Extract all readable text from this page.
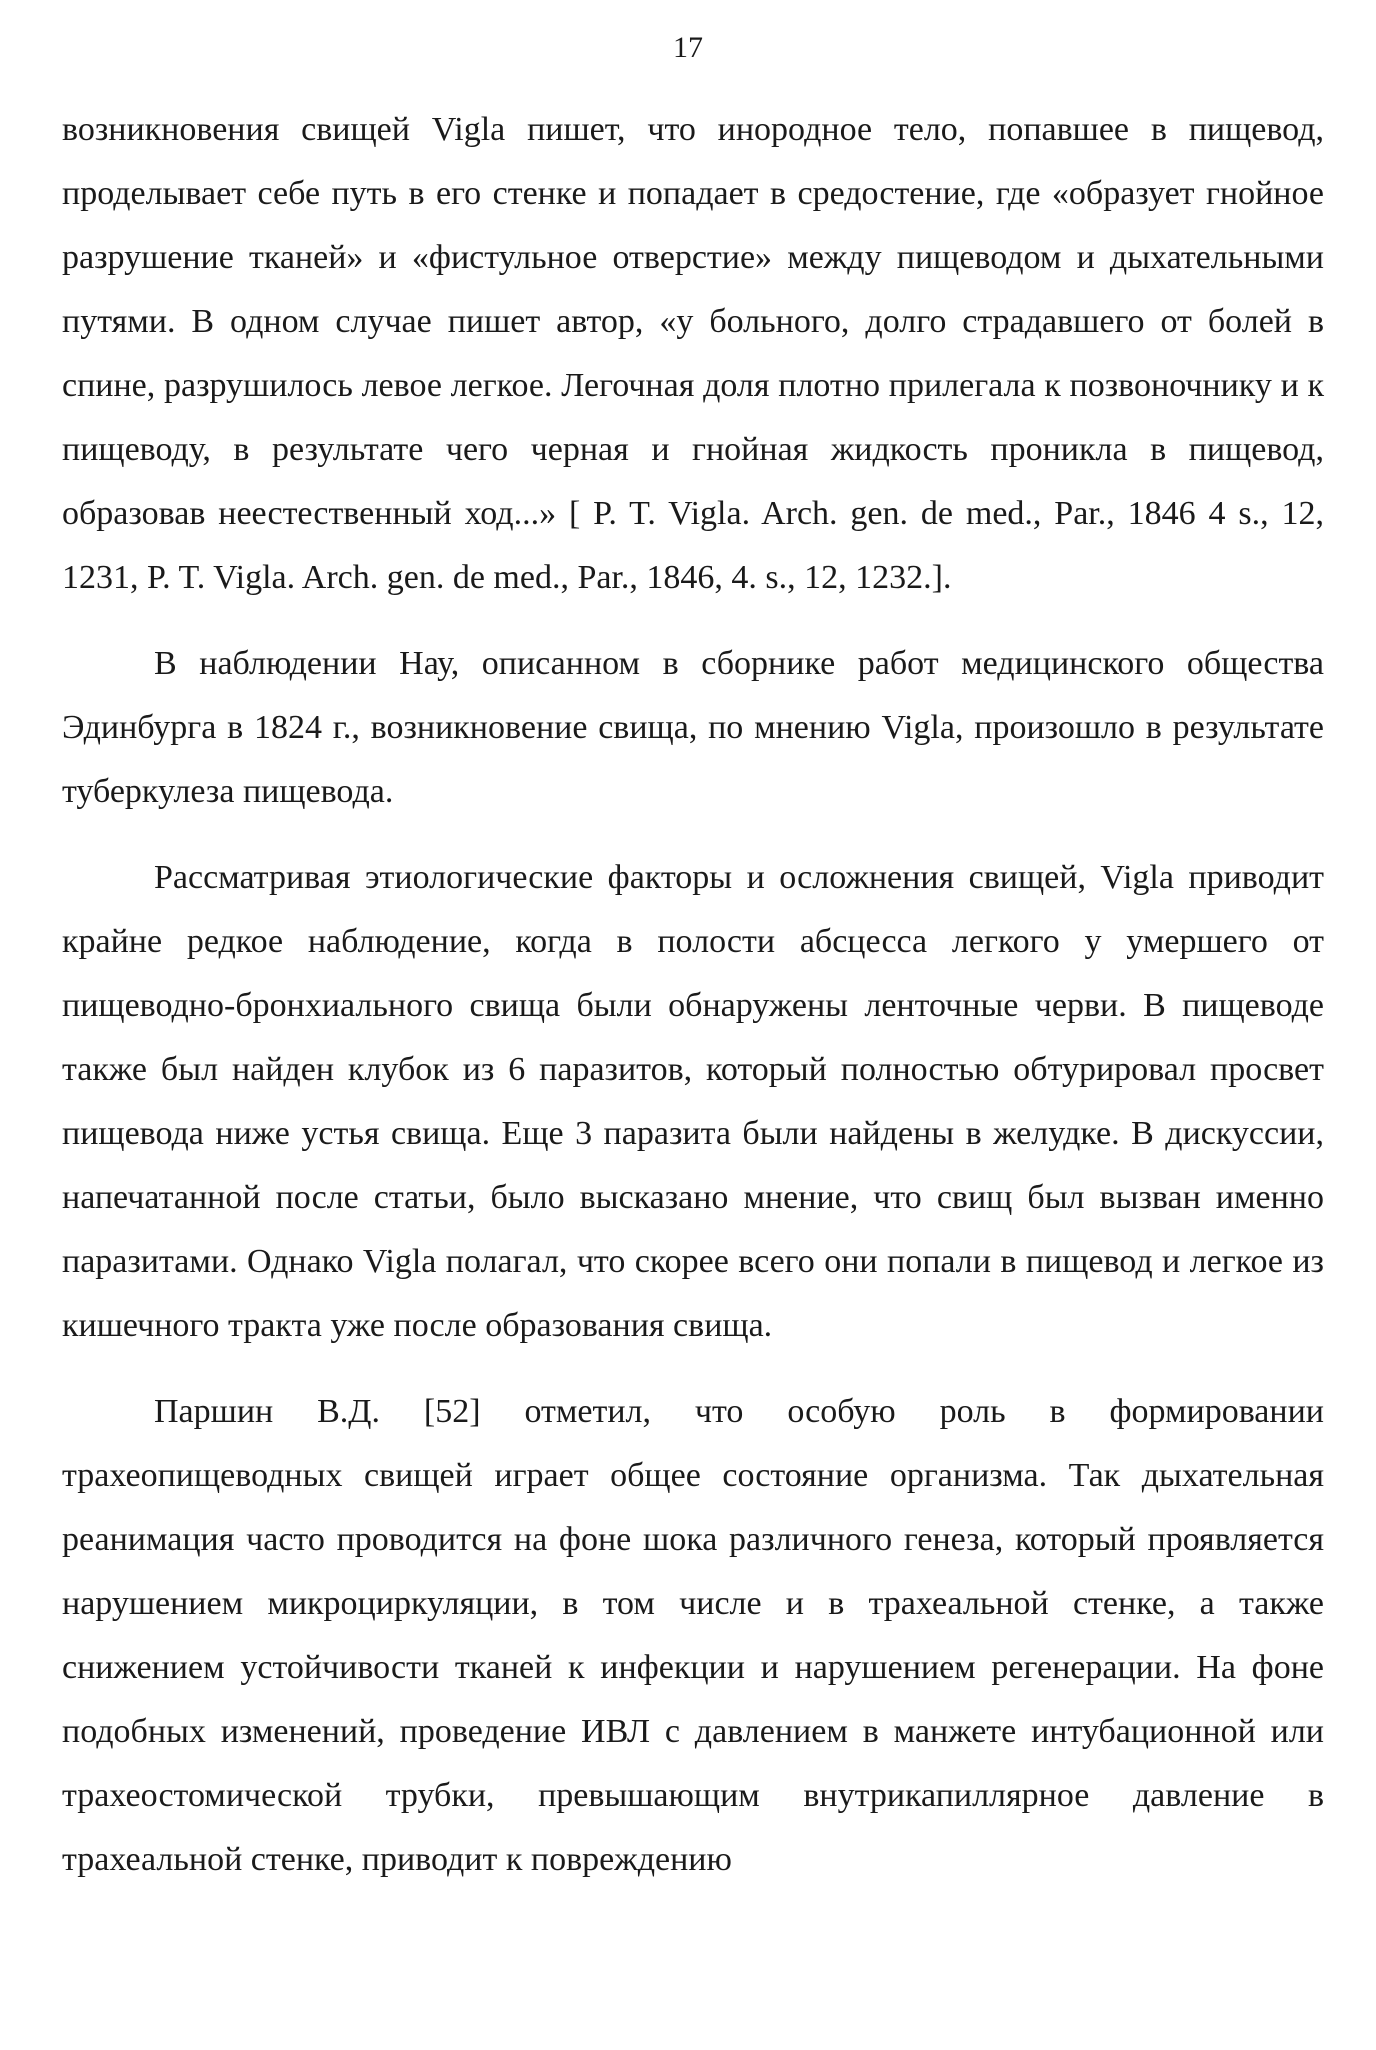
17

возникновения свищей Vigla пишет, что инородное тело, попавшее в пищевод, проделывает себе путь в его стенке и попадает в средостение, где «образует гнойное разрушение тканей» и «фистульное отверстие» между пищеводом и дыхательными путями. В одном случае пишет автор, «у больного, долго страдавшего от болей в спине, разрушилось левое легкое. Легочная доля плотно прилегала к позвоночнику и к пищеводу, в результате чего черная и гнойная жидкость проникла в пищевод, образовав неестественный ход...» [ P. T. Vigla. Arch. gen. de med., Par., 1846 4 s., 12, 1231, P. T. Vigla. Arch. gen. de med., Par., 1846, 4. s., 12, 1232.].

В наблюдении Нау, описанном в сборнике работ медицинского общества Эдинбурга в 1824 г., возникновение свища, по мнению Vigla, произошло в результате туберкулеза пищевода.

Рассматривая этиологические факторы и осложнения свищей, Vigla приводит крайне редкое наблюдение, когда в полости абсцесса легкого у умершего от пищеводно-бронхиального свища были обнаружены ленточные черви. В пищеводе также был найден клубок из 6 паразитов, который полностью обтурировал просвет пищевода ниже устья свища. Еще 3 паразита были найдены в желудке. В дискуссии, напечатанной после статьи, было высказано мнение, что свищ был вызван именно паразитами. Однако Vigla полагал, что скорее всего они попали в пищевод и легкое из кишечного тракта уже после образования свища.

Паршин В.Д. [52] отметил, что особую роль в формировании трахеопищеводных свищей играет общее состояние организма. Так дыхательная реанимация часто проводится на фоне шока различного генеза, который проявляется нарушением микроциркуляции, в том числе и в трахеальной стенке, а также снижением устойчивости тканей к инфекции и нарушением регенерации. На фоне подобных изменений, проведение ИВЛ с давлением в манжете интубационной или трахеостомической трубки, превышающим внутрикапиллярное давление в трахеальной стенке, приводит к повреждению
